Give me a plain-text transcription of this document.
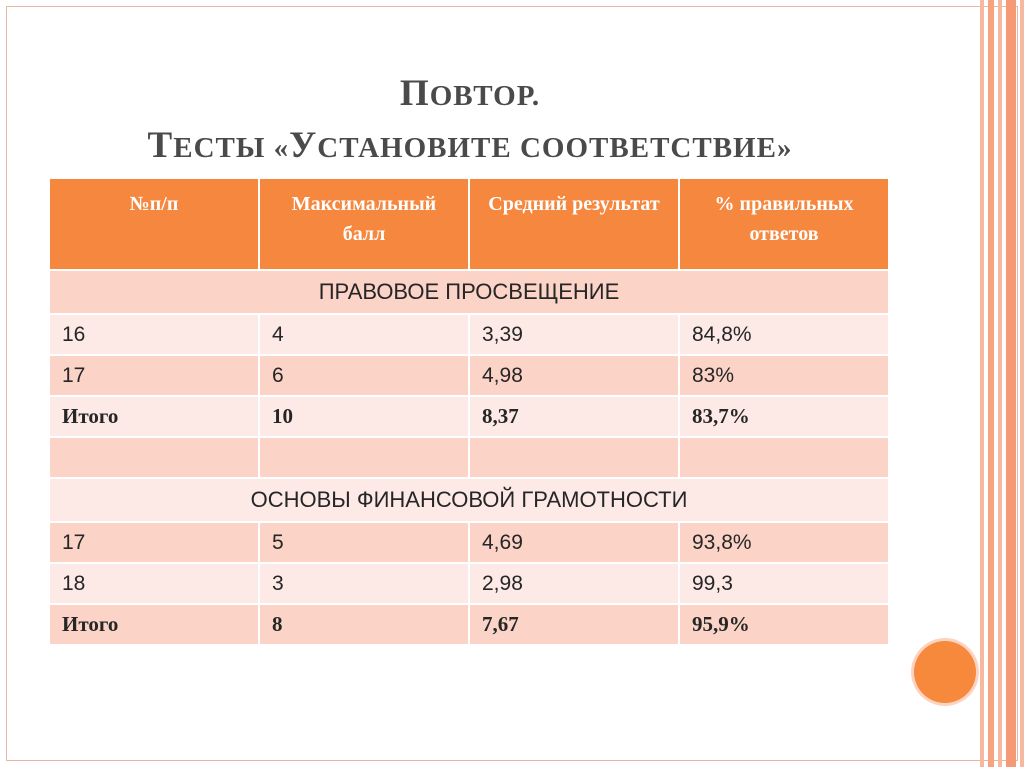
ПОВТОР.
ТЕСТЫ «УСТАНОВИТЕ СООТВЕТСТВИЕ»
№п/п	Максимальный балл	Средний результат	% правильных ответов
ПРАВОВОЕ ПРОСВЕЩЕНИЕ			
16	4	3,39	84,8%
17	6	4,98	83%
Итого	10	8,37	83,7%

ОСНОВЫ ФИНАНСОВОЙ ГРАМОТНОСТИ			
17	5	4,69	93,8%
18	3	2,98	99,3
Итого	8	7,67	95,9%
